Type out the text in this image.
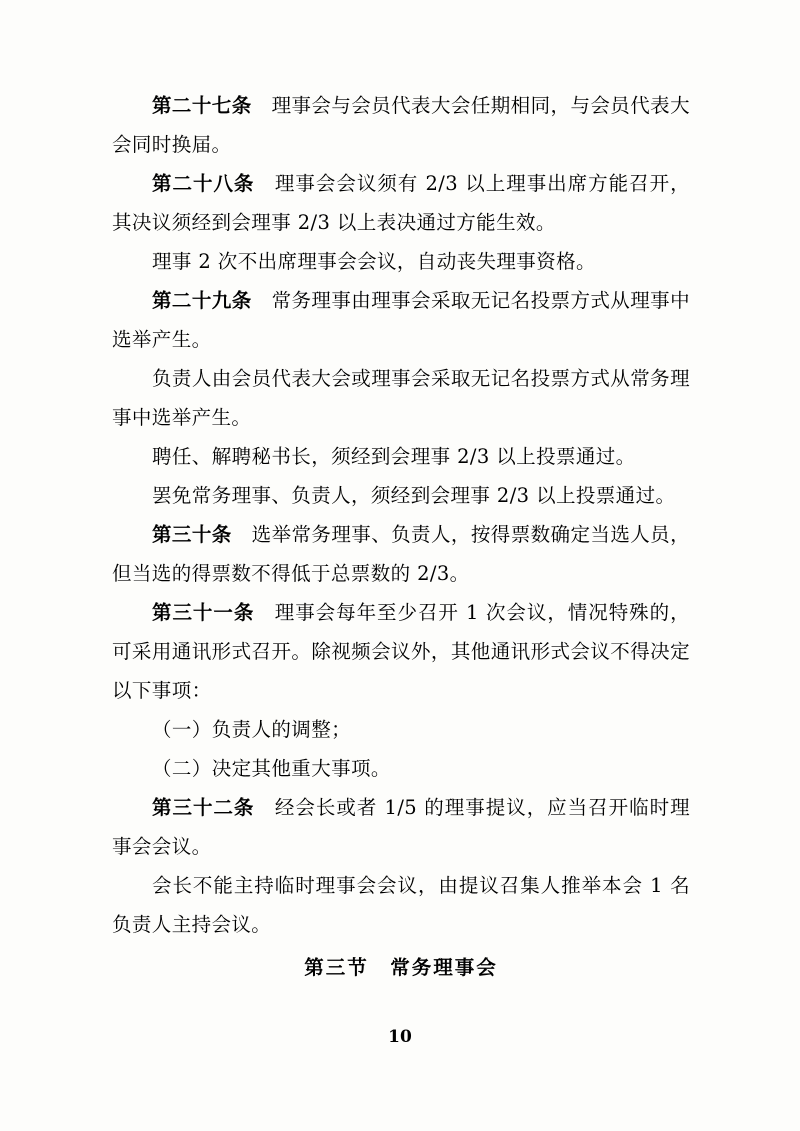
第二十七条　理事会与会员代表大会任期相同，与会员代表大会同时换届。

第二十八条　理事会会议须有 2/3 以上理事出席方能召开，其决议须经到会理事 2/3 以上表决通过方能生效。

理事 2 次不出席理事会会议，自动丧失理事资格。

第二十九条　常务理事由理事会采取无记名投票方式从理事中选举产生。

负责人由会员代表大会或理事会采取无记名投票方式从常务理事中选举产生。

聘任、解聘秘书长，须经到会理事 2/3 以上投票通过。

罢免常务理事、负责人，须经到会理事 2/3 以上投票通过。

第三十条　选举常务理事、负责人，按得票数确定当选人员，但当选的得票数不得低于总票数的 2/3。

第三十一条　理事会每年至少召开 1 次会议，情况特殊的，可采用通讯形式召开。除视频会议外，其他通讯形式会议不得决定以下事项：

（一）负责人的调整；

（二）决定其他重大事项。

第三十二条　经会长或者 1/5 的理事提议，应当召开临时理事会会议。

会长不能主持临时理事会会议，由提议召集人推举本会 1 名负责人主持会议。

第三节　常务理事会
10
